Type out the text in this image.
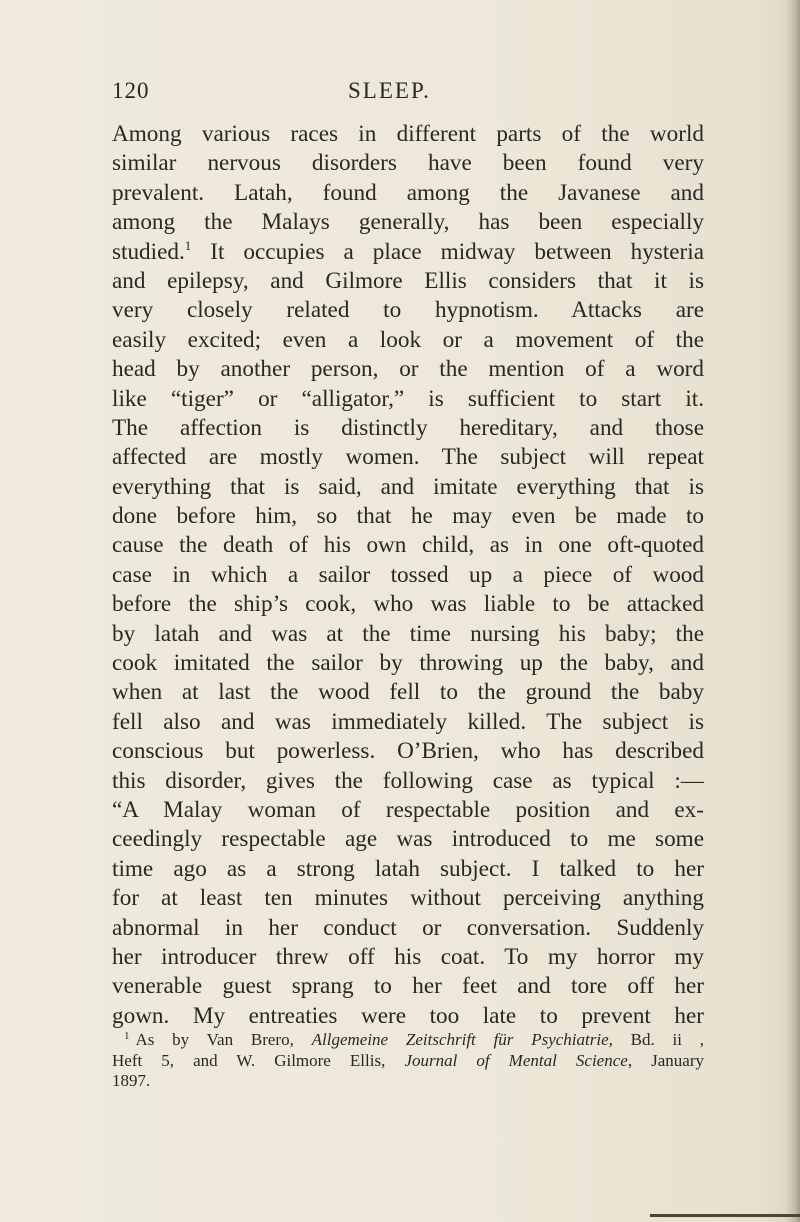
120	SLEEP.
Among various races in different parts of the world
similar nervous disorders have been found very
prevalent. Latah, found among the Javanese and
among the Malays generally, has been especially
studied.$^1$ It occupies a place midway between hysteria
and epilepsy, and Gilmore Ellis considers that it is
very closely related to hypnotism. Attacks are
easily excited; even a look or a movement of the
head by another person, or the mention of a word
like “tiger” or “alligator,” is sufficient to start it.
The affection is distinctly hereditary, and those
affected are mostly women. The subject will repeat
everything that is said, and imitate everything that is
done before him, so that he may even be made to
cause the death of his own child, as in one oft-quoted
case in which a sailor tossed up a piece of wood
before the ship’s cook, who was liable to be attacked
by latah and was at the time nursing his baby; the
cook imitated the sailor by throwing up the baby, and
when at last the wood fell to the ground the baby
fell also and was immediately killed. The subject is
conscious but powerless. O’Brien, who has described
this disorder, gives the following case as typical :—
“A Malay woman of respectable position and ex-
ceedingly respectable age was introduced to me some
time ago as a strong latah subject. I talked to her
for at least ten minutes without perceiving anything
abnormal in her conduct or conversation. Suddenly
her introducer threw off his coat. To my horror my
venerable guest sprang to her feet and tore off her
gown. My entreaties were too late to prevent her
$^1$ As by Van Brero, Allgemeine Zeitschrift für Psychiatrie, Bd. ii ,
Heft 5, and W. Gilmore Ellis, Journal of Mental Science, January
1897.
